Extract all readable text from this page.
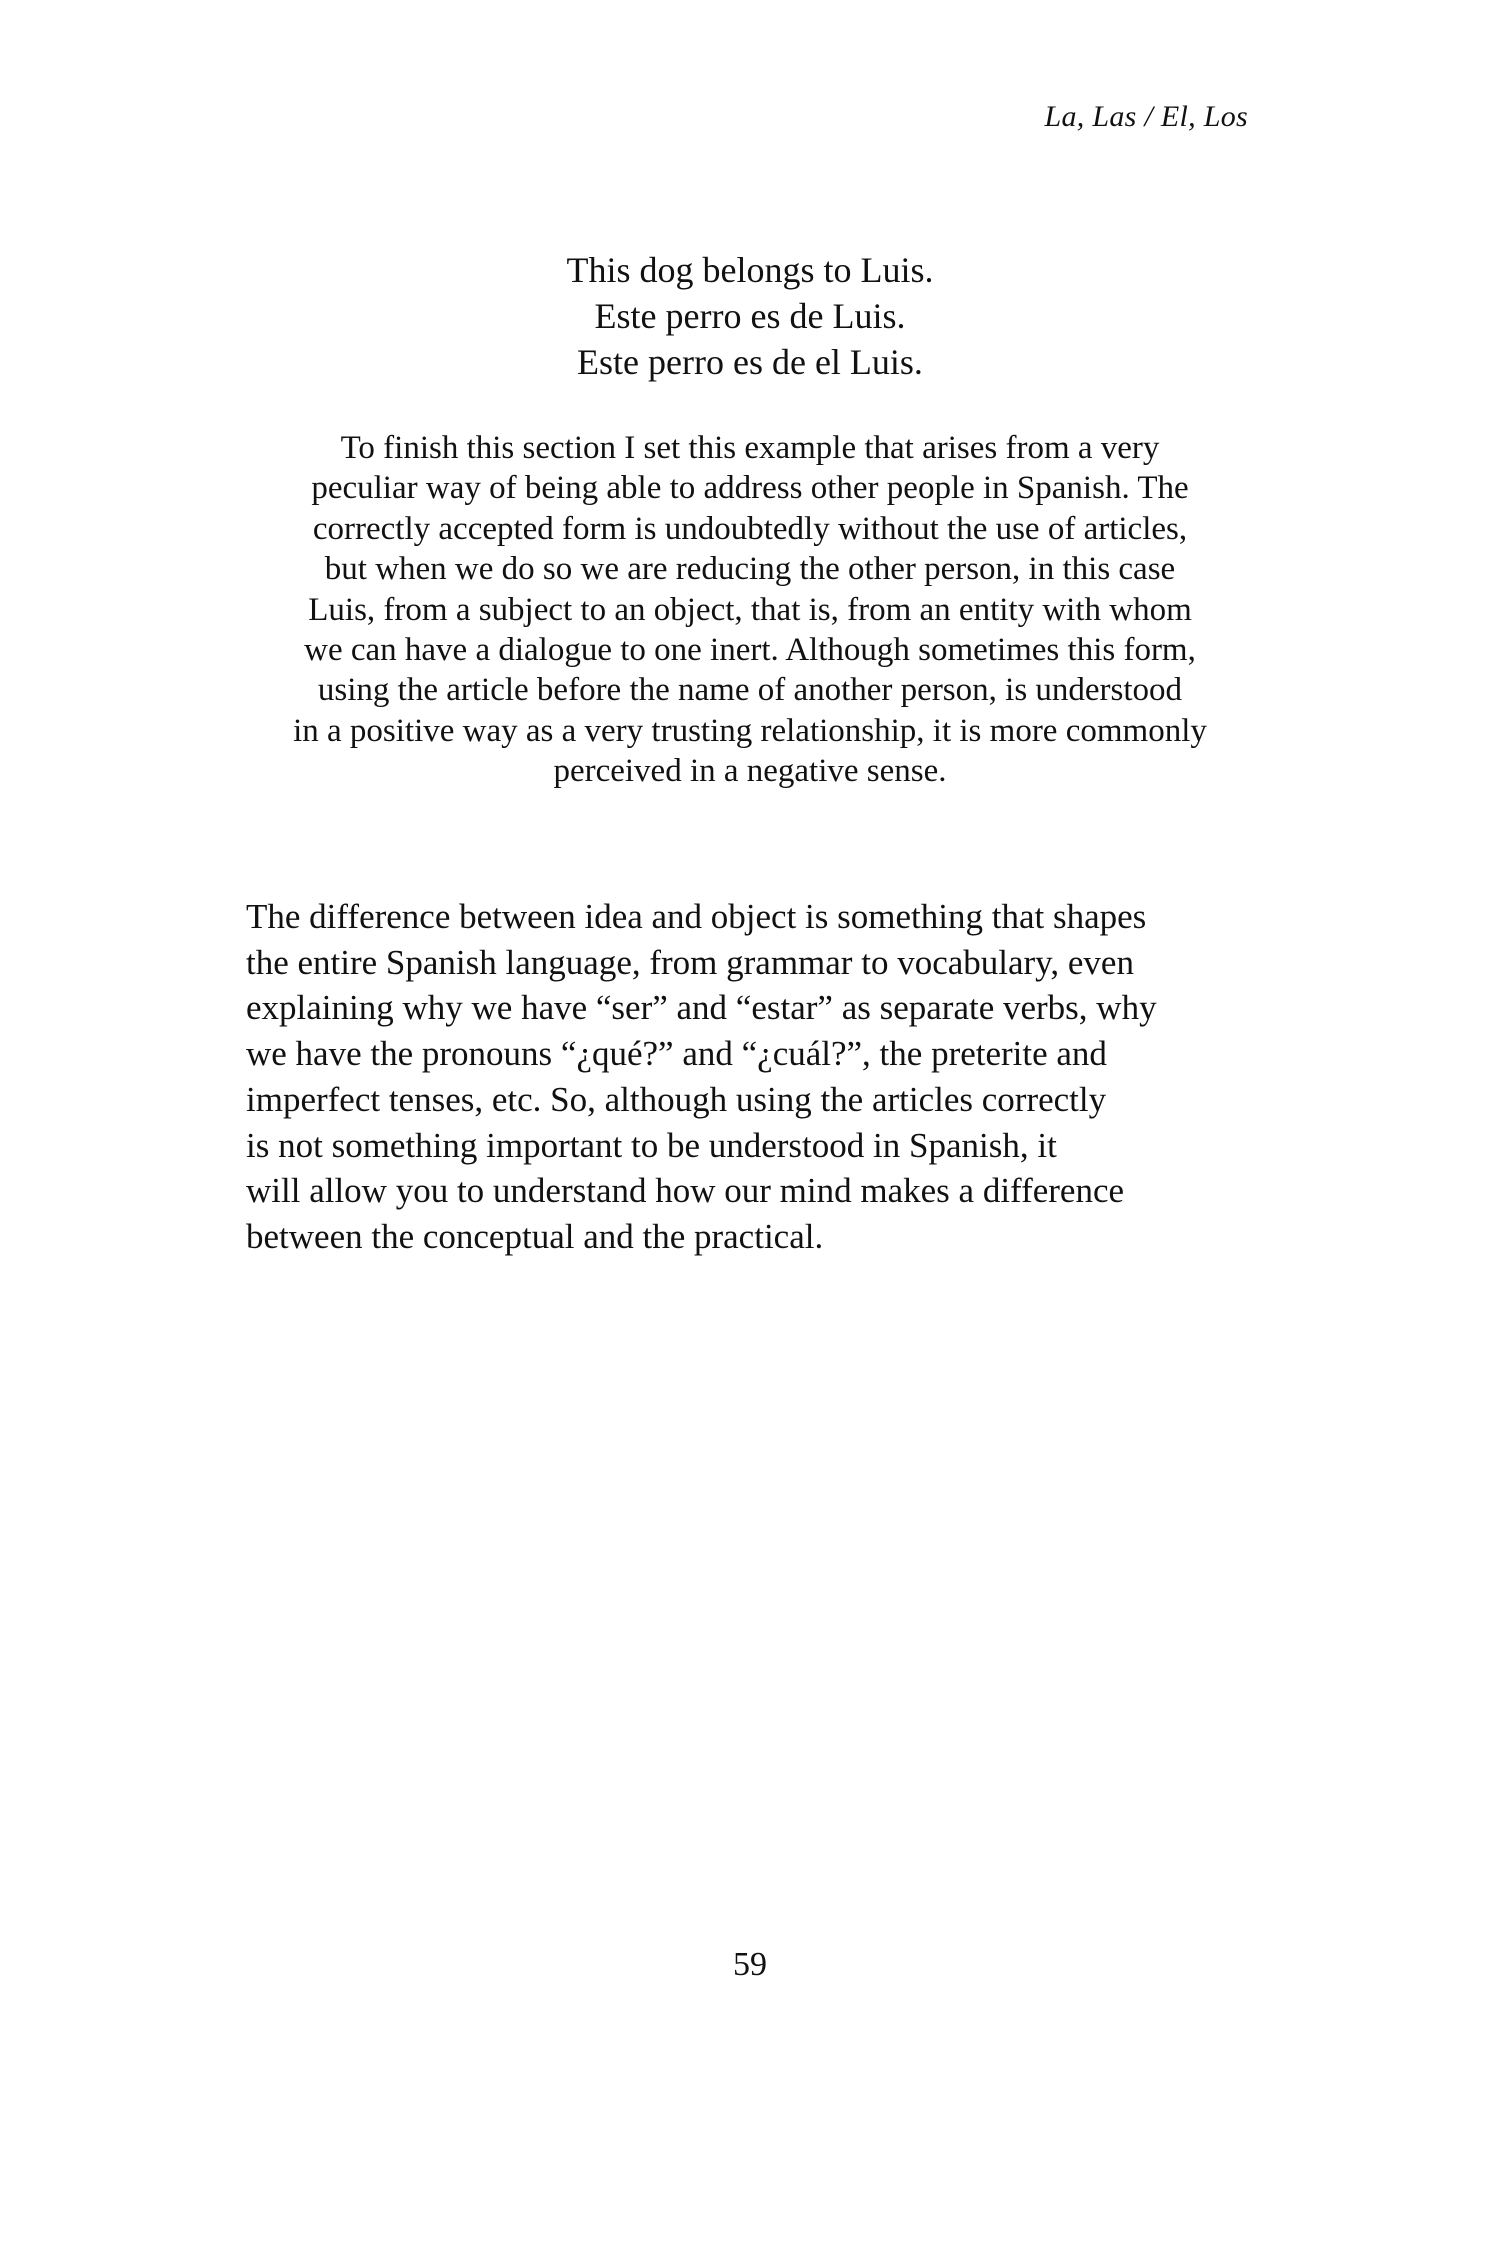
La, Las / El, Los
This dog belongs to Luis.
Este perro es de Luis.
Este perro es de el Luis.
To finish this section I set this example that arises from a very
peculiar way of being able to address other people in Spanish. The
correctly accepted form is undoubtedly without the use of articles,
but when we do so we are reducing the other person, in this case
Luis, from a subject to an object, that is, from an entity with whom
we can have a dialogue to one inert. Although sometimes this form,
using the article before the name of another person, is understood
in a positive way as a very trusting relationship, it is more commonly
perceived in a negative sense.
The difference between idea and object is something that shapes
the entire Spanish language, from grammar to vocabulary, even
explaining why we have “ser” and “estar” as separate verbs, why
we have the pronouns “¿qué?” and “¿cuál?”, the preterite and
imperfect tenses, etc. So, although using the articles correctly
is not something important to be understood in Spanish, it
will allow you to understand how our mind makes a difference
between the conceptual and the practical.
59
